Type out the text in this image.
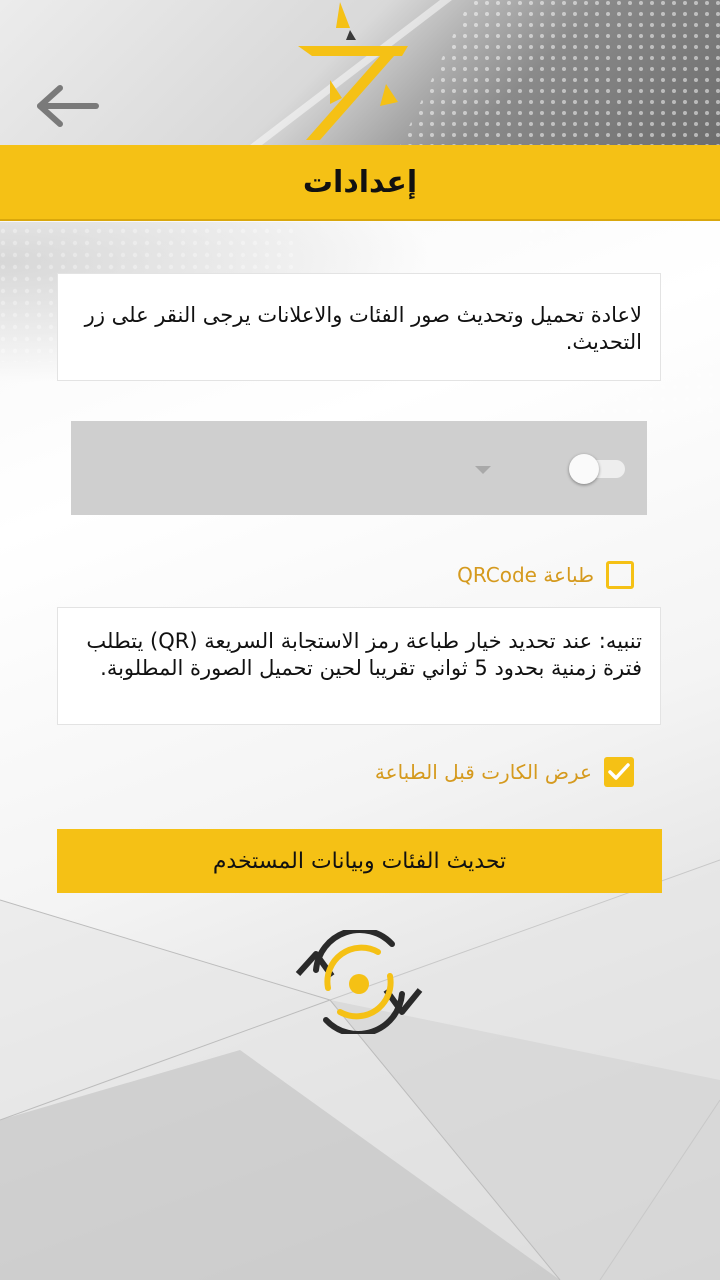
إعدادات

لاعادة تحميل وتحديث صور الفئات والاعلانات يرجى النقر على زر التحديث.

طباعة QRCode

تنبيه: عند تحديد خيار طباعة رمز الاستجابة السريعة (QR) يتطلب فترة زمنية بحدود 5 ثواني تقريبا لحين تحميل الصورة المطلوبة.

عرض الكارت قبل الطباعة
تحديث الفئات وبيانات المستخدم
